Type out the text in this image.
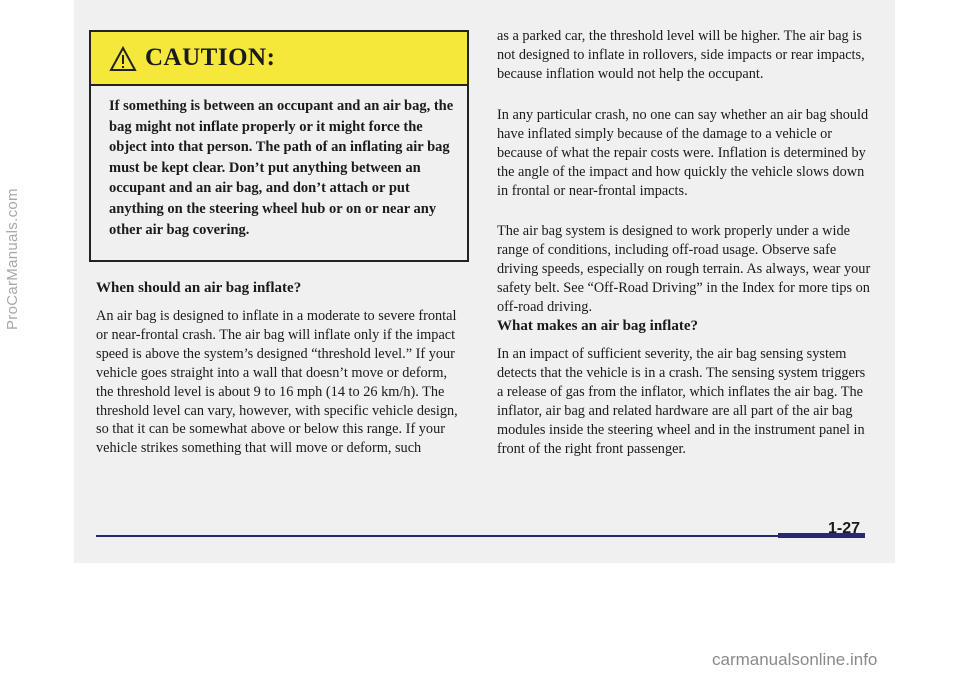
CAUTION:

If something is between an occupant and an air bag, the bag might not inflate properly or it might force the object into that person. The path of an inflating air bag must be kept clear. Don’t put anything between an occupant and an air bag, and don’t attach or put anything on the steering wheel hub or on or near any other air bag covering.

When should an air bag inflate?

An air bag is designed to inflate in a moderate to severe frontal or near-frontal crash. The air bag will inflate only if the impact speed is above the system’s designed “threshold level.” If your vehicle goes straight into a wall that doesn’t move or deform, the threshold level is about 9 to 16 mph (14 to 26 km/h). The threshold level can vary, however, with specific vehicle design, so that it can be somewhat above or below this range. If your vehicle strikes something that will move or deform, such

as a parked car, the threshold level will be higher. The air bag is not designed to inflate in rollovers, side impacts or rear impacts, because inflation would not help the occupant.

In any particular crash, no one can say whether an air bag should have inflated simply because of the damage to a vehicle or because of what the repair costs were. Inflation is determined by the angle of the impact and how quickly the vehicle slows down in frontal or near-frontal impacts.

The air bag system is designed to work properly under a wide range of conditions, including off-road usage. Observe safe driving speeds, especially on rough terrain. As always, wear your safety belt. See “Off-Road Driving” in the Index for more tips on off-road driving.

What makes an air bag inflate?

In an impact of sufficient severity, the air bag sensing system detects that the vehicle is in a crash. The sensing system triggers a release of gas from the inflator, which inflates the air bag. The inflator, air bag and related hardware are all part of the air bag modules inside the steering wheel and in the instrument panel in front of the right front passenger.

1-27
ProCarManuals.com
carmanualsonline.info
